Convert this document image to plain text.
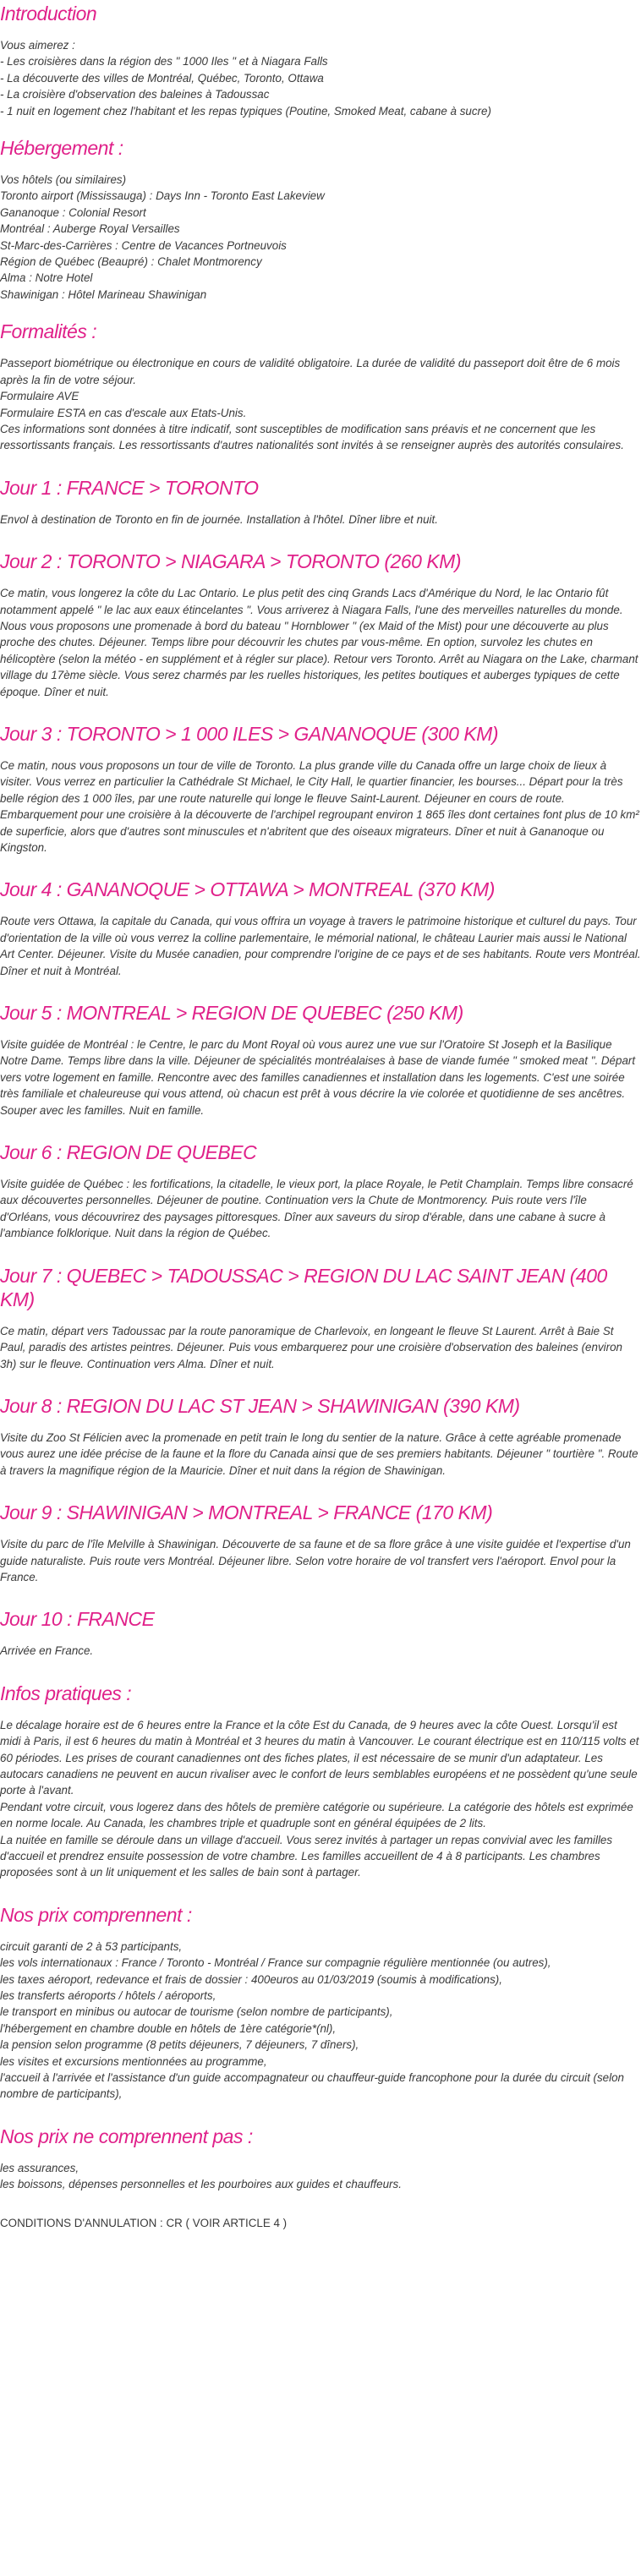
Introduction

Vous aimerez :
- Les croisières dans la région des " 1000 Iles " et à Niagara Falls
- La découverte des villes de Montréal, Québec, Toronto, Ottawa
- La croisière d'observation des baleines à Tadoussac
- 1 nuit en logement chez l'habitant et les repas typiques (Poutine, Smoked Meat, cabane à sucre)

Hébergement :

Vos hôtels (ou similaires)
Toronto airport (Mississauga) : Days Inn - Toronto East Lakeview
Gananoque : Colonial Resort
Montréal : Auberge Royal Versailles
St-Marc-des-Carrières : Centre de Vacances Portneuvois
Région de Québec (Beaupré) : Chalet Montmorency
Alma : Notre Hotel
Shawinigan : Hôtel Marineau Shawinigan

Formalités :

Passeport biométrique ou électronique en cours de validité obligatoire. La durée de validité du passeport doit être de 6 mois après la fin de votre séjour.
Formulaire AVE
Formulaire ESTA en cas d'escale aux Etats-Unis.
Ces informations sont données à titre indicatif, sont susceptibles de modification sans préavis et ne concernent que les ressortissants français. Les ressortissants d'autres nationalités sont invités à se renseigner auprès des autorités consulaires.

Jour 1 : FRANCE > TORONTO

Envol à destination de Toronto en fin de journée. Installation à l'hôtel. Dîner libre et nuit.

Jour 2 : TORONTO > NIAGARA > TORONTO (260 KM)

Ce matin, vous longerez la côte du Lac Ontario. Le plus petit des cinq Grands Lacs d'Amérique du Nord, le lac Ontario fût notamment appelé " le lac aux eaux étincelantes ". Vous arriverez à Niagara Falls, l'une des merveilles naturelles du monde. Nous vous proposons une promenade à bord du bateau " Hornblower " (ex Maid of the Mist) pour une découverte au plus proche des chutes. Déjeuner. Temps libre pour découvrir les chutes par vous-même. En option, survolez les chutes en hélicoptère (selon la météo - en supplément et à régler sur place). Retour vers Toronto. Arrêt au Niagara on the Lake, charmant village du 17ème siècle. Vous serez charmés par les ruelles historiques, les petites boutiques et auberges typiques de cette époque. Dîner et nuit.

Jour 3 : TORONTO > 1 000 ILES > GANANOQUE (300 KM)

Ce matin, nous vous proposons un tour de ville de Toronto. La plus grande ville du Canada offre un large choix de lieux à visiter. Vous verrez en particulier la Cathédrale St Michael, le City Hall, le quartier financier, les bourses... Départ pour la très belle région des 1 000 îles, par une route naturelle qui longe le fleuve Saint-Laurent. Déjeuner en cours de route. Embarquement pour une croisière à la découverte de l'archipel regroupant environ 1 865 îles dont certaines font plus de 10 km² de superficie, alors que d'autres sont minuscules et n'abritent que des oiseaux migrateurs. Dîner et nuit à Gananoque ou Kingston.

Jour 4 : GANANOQUE > OTTAWA > MONTREAL (370 KM)

Route vers Ottawa, la capitale du Canada, qui vous offrira un voyage à travers le patrimoine historique et culturel du pays. Tour d'orientation de la ville où vous verrez la colline parlementaire, le mémorial national, le château Laurier mais aussi le National Art Center. Déjeuner. Visite du Musée canadien, pour comprendre l'origine de ce pays et de ses habitants. Route vers Montréal. Dîner et nuit à Montréal.

Jour 5 : MONTREAL > REGION DE QUEBEC (250 KM)

Visite guidée de Montréal : le Centre, le parc du Mont Royal où vous aurez une vue sur l'Oratoire St Joseph et la Basilique Notre Dame. Temps libre dans la ville. Déjeuner de spécialités montréalaises à base de viande fumée " smoked meat ". Départ vers votre logement en famille. Rencontre avec des familles canadiennes et installation dans les logements. C'est une soirée très familiale et chaleureuse qui vous attend, où chacun est prêt à vous décrire la vie colorée et quotidienne de ses ancêtres. Souper avec les familles. Nuit en famille.

Jour 6 : REGION DE QUEBEC

Visite guidée de Québec : les fortifications, la citadelle, le vieux port, la place Royale, le Petit Champlain. Temps libre consacré aux découvertes personnelles. Déjeuner de poutine. Continuation vers la Chute de Montmorency. Puis route vers l'île d'Orléans, vous découvrirez des paysages pittoresques. Dîner aux saveurs du sirop d'érable, dans une cabane à sucre à l'ambiance folklorique. Nuit dans la région de Québec.

Jour 7 : QUEBEC > TADOUSSAC > REGION DU LAC SAINT JEAN (400 KM)

Ce matin, départ vers Tadoussac par la route panoramique de Charlevoix, en longeant le fleuve St Laurent. Arrêt à Baie St Paul, paradis des artistes peintres. Déjeuner. Puis vous embarquerez pour une croisière d'observation des baleines (environ 3h) sur le fleuve. Continuation vers Alma. Dîner et nuit.

Jour 8 : REGION DU LAC ST JEAN > SHAWINIGAN (390 KM)

Visite du Zoo St Félicien avec la promenade en petit train le long du sentier de la nature. Grâce à cette agréable promenade vous aurez une idée précise de la faune et la flore du Canada ainsi que de ses premiers habitants. Déjeuner " tourtière ". Route à travers la magnifique région de la Mauricie. Dîner et nuit dans la région de Shawinigan.

Jour 9 : SHAWINIGAN > MONTREAL > FRANCE (170 KM)

Visite du parc de l'île Melville à Shawinigan. Découverte de sa faune et de sa flore grâce à une visite guidée et l'expertise d'un guide naturaliste. Puis route vers Montréal. Déjeuner libre. Selon votre horaire de vol transfert vers l'aéroport. Envol pour la France.

Jour 10 : FRANCE

Arrivée en France.

Infos pratiques :

Le décalage horaire est de 6 heures entre la France et la côte Est du Canada, de 9 heures avec la côte Ouest. Lorsqu'il est midi à Paris, il est 6 heures du matin à Montréal et 3 heures du matin à Vancouver. Le courant électrique est en 110/115 volts et 60 périodes. Les prises de courant canadiennes ont des fiches plates, il est nécessaire de se munir d'un adaptateur. Les autocars canadiens ne peuvent en aucun rivaliser avec le confort de leurs semblables européens et ne possèdent qu'une seule porte à l'avant.
Pendant votre circuit, vous logerez dans des hôtels de première catégorie ou supérieure. La catégorie des hôtels est exprimée en norme locale. Au Canada, les chambres triple et quadruple sont en général équipées de 2 lits.
La nuitée en famille se déroule dans un village d'accueil. Vous serez invités à partager un repas convivial avec les familles d'accueil et prendrez ensuite possession de votre chambre. Les familles accueillent de 4 à 8 participants. Les chambres proposées sont à un lit uniquement et les salles de bain sont à partager.

Nos prix comprennent :

circuit garanti de 2 à 53 participants,
les vols internationaux : France / Toronto - Montréal / France sur compagnie régulière mentionnée (ou autres),
les taxes aéroport, redevance et frais de dossier : 400euros au 01/03/2019 (soumis à modifications),
les transferts aéroports / hôtels / aéroports,
le transport en minibus ou autocar de tourisme (selon nombre de participants),
l'hébergement en chambre double en hôtels de 1ère catégorie*(nl),
la pension selon programme (8 petits déjeuners, 7 déjeuners, 7 dîners),
les visites et excursions mentionnées au programme,
l'accueil à l'arrivée et l'assistance d'un guide accompagnateur ou chauffeur-guide francophone pour la durée du circuit (selon nombre de participants),

Nos prix ne comprennent pas :

les assurances,
les boissons, dépenses personnelles et les pourboires aux guides et chauffeurs.

CONDITIONS D'ANNULATION : CR ( VOIR ARTICLE 4 )
